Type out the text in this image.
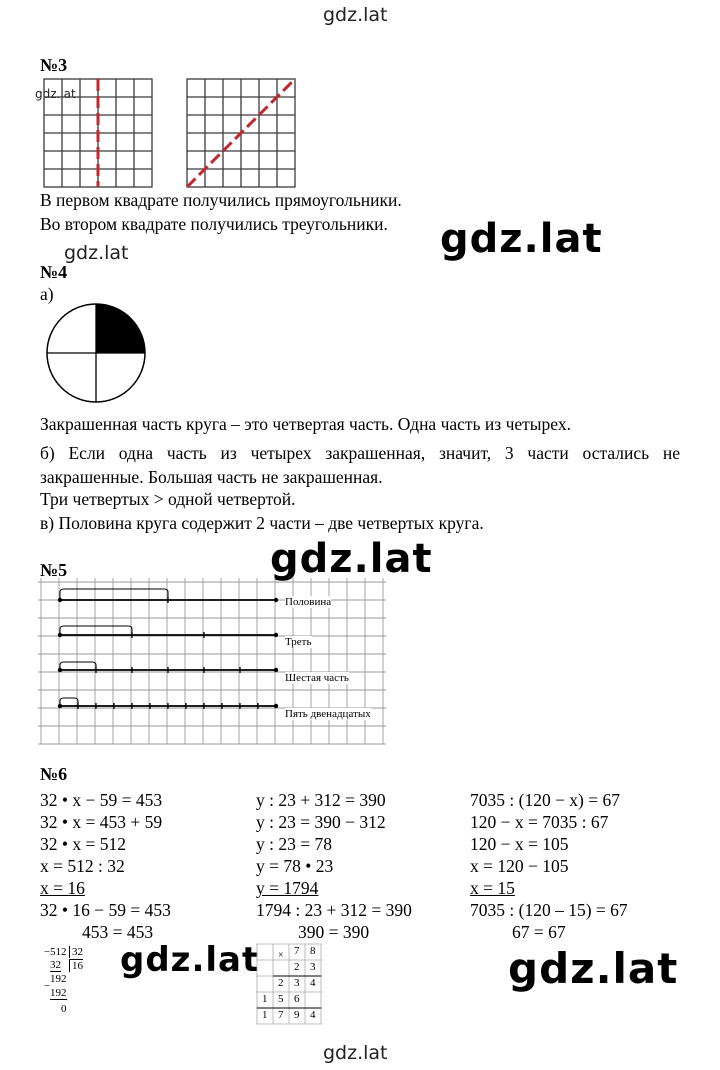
gdz.lat
gdz.lat
gdz.lat	gdz.lat
gdz.lat
gdz.lat	gdz.lat
gdz.lat
№3
В первом квадрате получились прямоугольники.
Во втором квадрате получились треугольники.
№4
а)
Закрашенная часть круга – это четвертая часть. Одна часть из четырех.
б) Если одна часть из четырех закрашенная, значит, 3 части остались не
закрашенные. Большая часть не закрашенная.
Три четвертых > одной четвертой.
в) Половина круга содержит 2 части – две четвертых круга.
№5
Половина
Треть
Шестая часть
Пять двенадцатых
№6
32 • x − 59 = 453
32 • x = 453 + 59
32 • x = 512
x = 512 : 32
x = 16
32 • 16 − 59 = 453
453 = 453
y : 23 + 312 = 390
y : 23 = 390 − 312
y : 23 = 78
y = 78 • 23
y = 1794
1794 : 23 + 312 = 390
390 = 390
7035 : (120 − x) = 67
120 − x = 7035 : 67
120 − x = 105
x = 120 − 105
x = 15
7035 : (120 – 15) = 67
67 = 67
− 512 32
32 16
−
192
192
0
× 7 8
2 3
2 3 4
1 5 6
1 7 9 4
